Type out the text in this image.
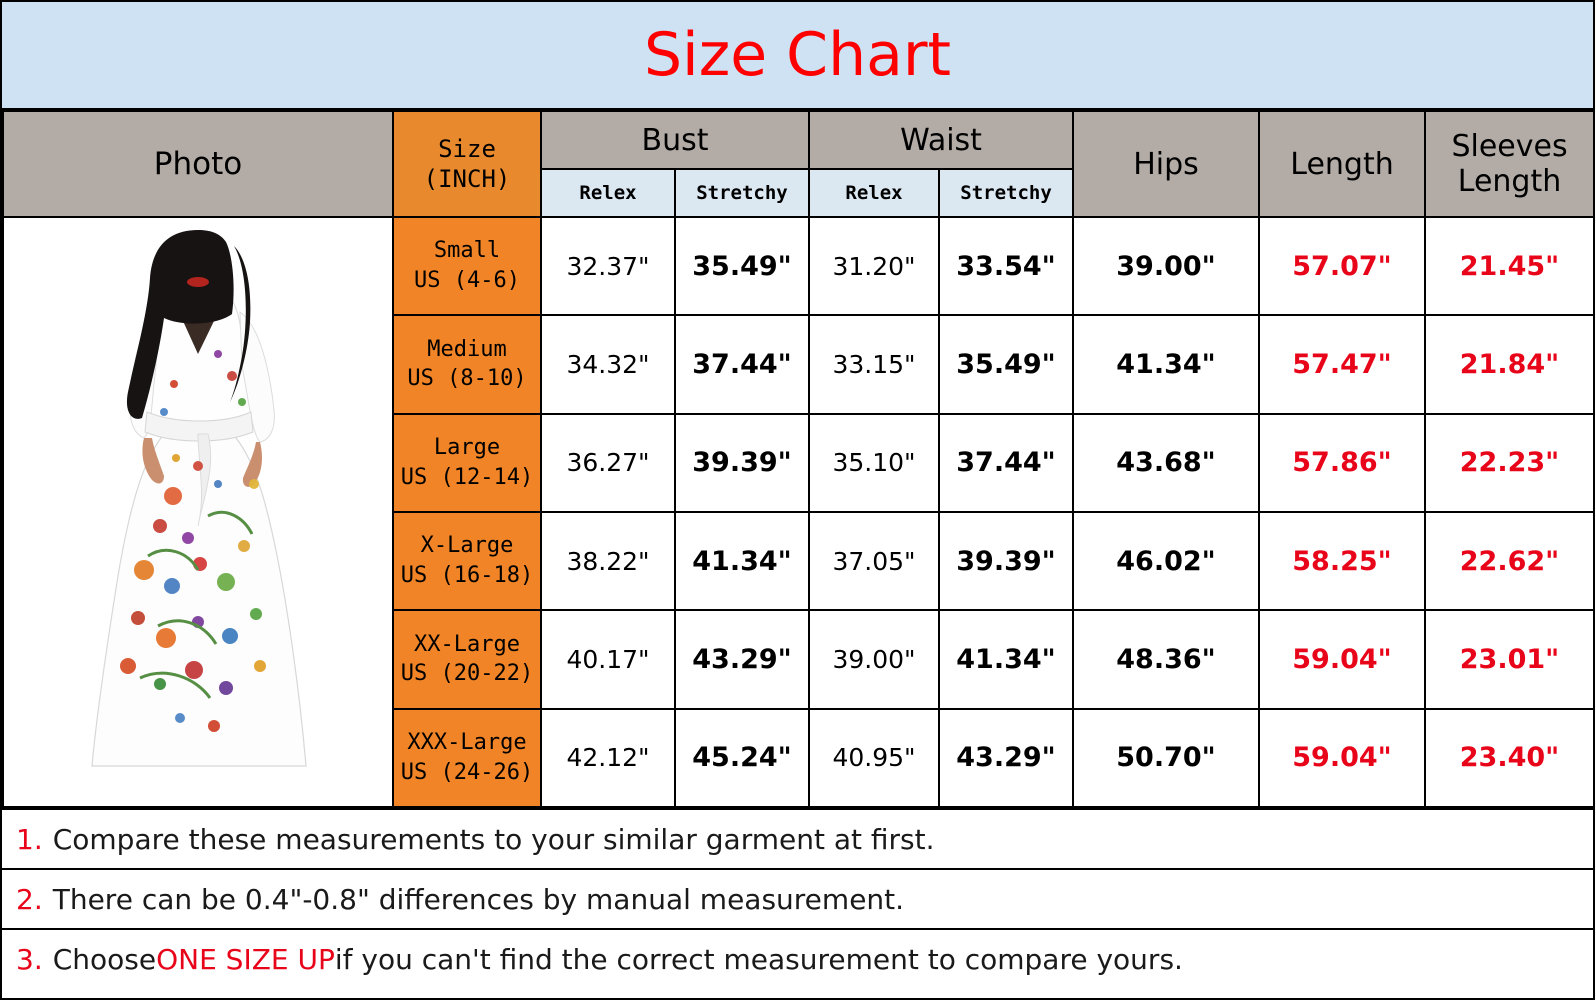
Size Chart
Photo	Size
(INCH)
	Bust	Waist	Hips	Length	Sleeves
Length

		Relex	Stretchy	Relex	Stretchy			

Small
US (4-6)	32.37"	35.49"	31.20"	33.54"	39.00"	57.07"	21.45"

	Medium
US (8-10)	34.32"	37.44"	33.15"	35.49"	41.34"	57.47"	21.84"

	Large
US (12-14)	36.27"	39.39"	35.10"	37.44"	43.68"	57.86"	22.23"

	X-Large
US (16-18)	38.22"	41.34"	37.05"	39.39"	46.02"	58.25"	22.62"

	XX-Large
US (20-22)	40.17"	43.29"	39.00"	41.34"	48.36"	59.04"	23.01"

	XXX-Large
US (24-26)	42.12"	45.24"	40.95"	43.29"	50.70"	59.04"	23.40"
1. Compare these measurements to your similar garment at first.
2. There can be 0.4"-0.8" differences by manual measurement.
3. Choose ONE SIZE UP if you can't find the correct measurement to compare yours.
